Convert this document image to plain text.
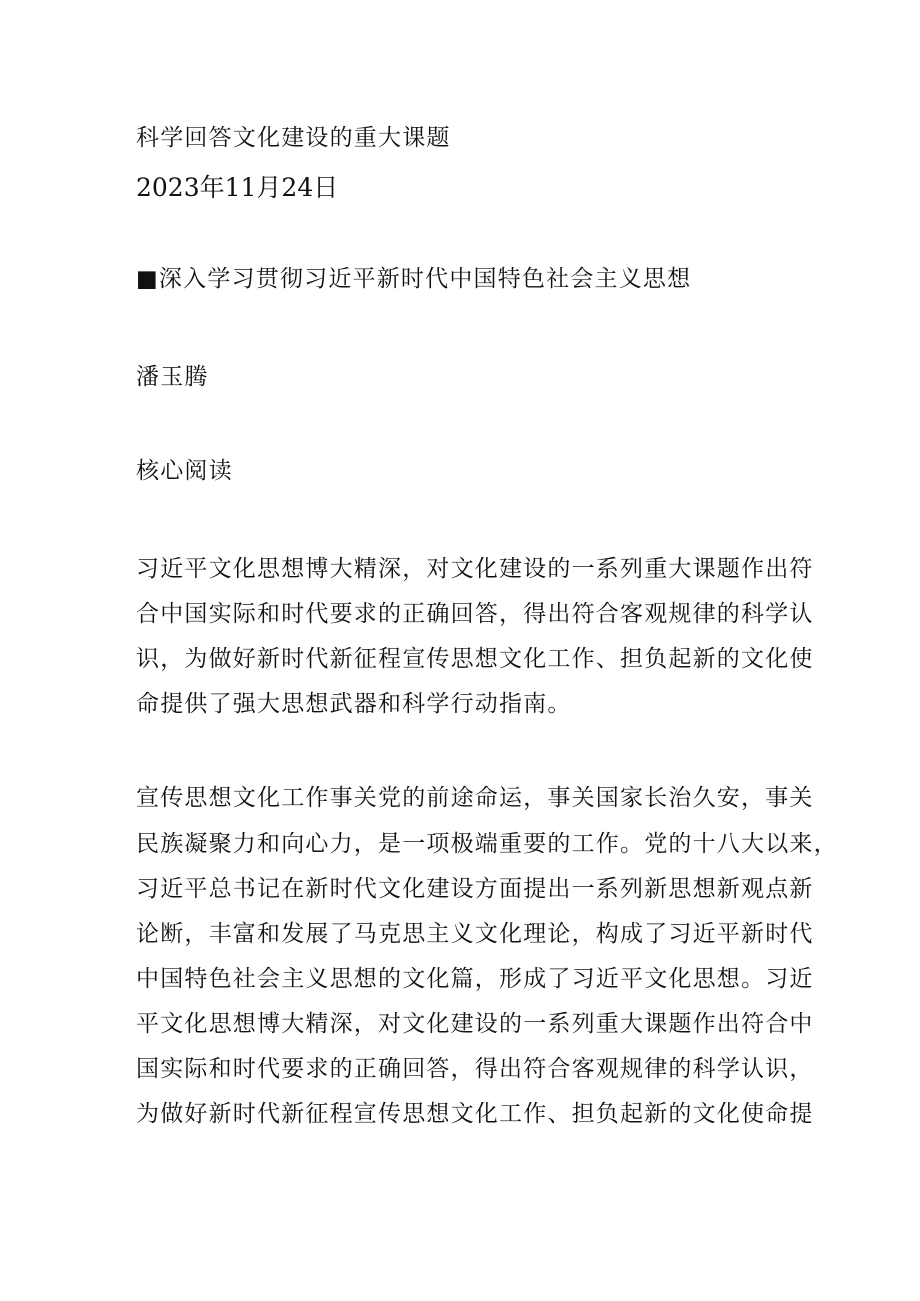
科学回答文化建设的重大课题
2023年11月24日
■深入学习贯彻习近平新时代中国特色社会主义思想
潘玉腾
核心阅读
习近平文化思想博大精深，对文化建设的一系列重大课题作出符
合中国实际和时代要求的正确回答，得出符合客观规律的科学认
识，为做好新时代新征程宣传思想文化工作、担负起新的文化使
命提供了强大思想武器和科学行动指南。
宣传思想文化工作事关党的前途命运，事关国家长治久安，事关
民族凝聚力和向心力，是一项极端重要的工作。党的十八大以来，
习近平总书记在新时代文化建设方面提出一系列新思想新观点新
论断，丰富和发展了马克思主义文化理论，构成了习近平新时代
中国特色社会主义思想的文化篇，形成了习近平文化思想。习近
平文化思想博大精深，对文化建设的一系列重大课题作出符合中
国实际和时代要求的正确回答，得出符合客观规律的科学认识，
为做好新时代新征程宣传思想文化工作、担负起新的文化使命提
